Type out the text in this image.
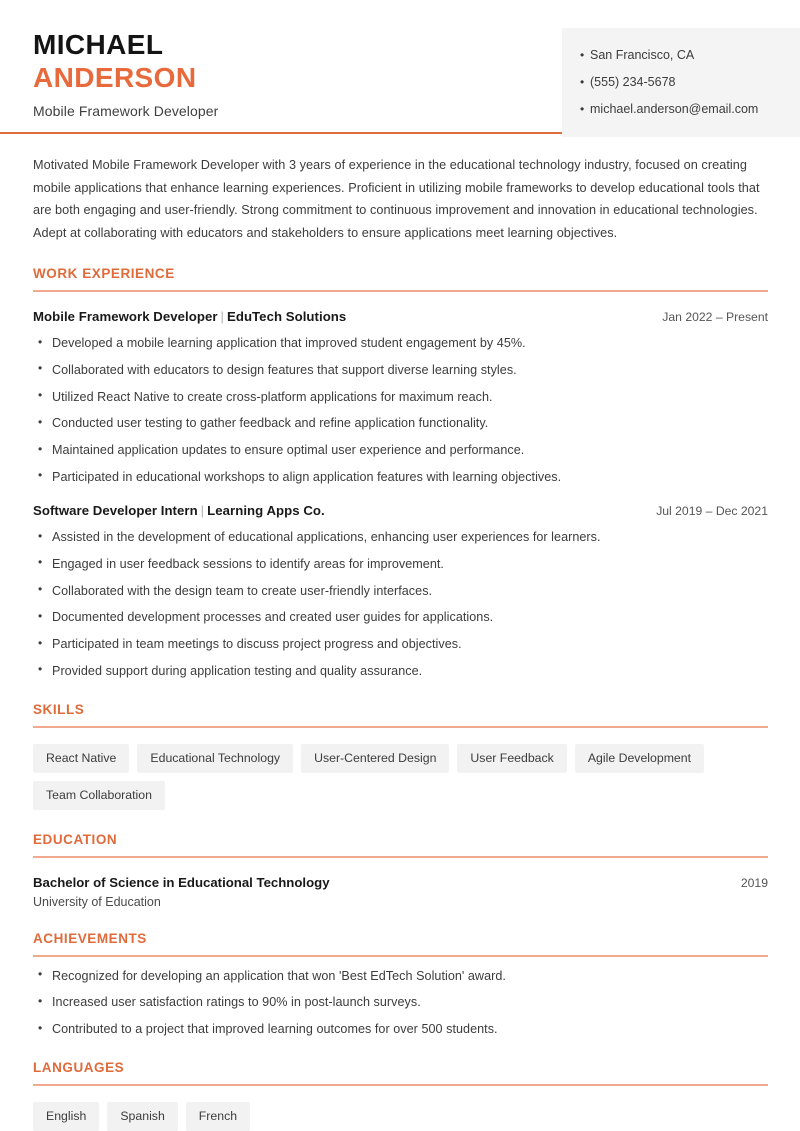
MICHAEL
ANDERSON
Mobile Framework Developer
• San Francisco, CA
• (555) 234-5678
• michael.anderson@email.com
Motivated Mobile Framework Developer with 3 years of experience in the educational technology industry, focused on creating mobile applications that enhance learning experiences. Proficient in utilizing mobile frameworks to develop educational tools that are both engaging and user-friendly. Strong commitment to continuous improvement and innovation in educational technologies. Adept at collaborating with educators and stakeholders to ensure applications meet learning objectives.
WORK EXPERIENCE
Mobile Framework Developer | EduTech Solutions	Jan 2022 – Present
• Developed a mobile learning application that improved student engagement by 45%.
• Collaborated with educators to design features that support diverse learning styles.
• Utilized React Native to create cross-platform applications for maximum reach.
• Conducted user testing to gather feedback and refine application functionality.
• Maintained application updates to ensure optimal user experience and performance.
• Participated in educational workshops to align application features with learning objectives.
Software Developer Intern | Learning Apps Co.	Jul 2019 – Dec 2021
• Assisted in the development of educational applications, enhancing user experiences for learners.
• Engaged in user feedback sessions to identify areas for improvement.
• Collaborated with the design team to create user-friendly interfaces.
• Documented development processes and created user guides for applications.
• Participated in team meetings to discuss project progress and objectives.
• Provided support during application testing and quality assurance.
SKILLS
React Native	Educational Technology	User-Centered Design	User Feedback	Agile Development
Team Collaboration
EDUCATION
Bachelor of Science in Educational Technology	2019
University of Education
ACHIEVEMENTS
• Recognized for developing an application that won 'Best EdTech Solution' award.
• Increased user satisfaction ratings to 90% in post-launch surveys.
• Contributed to a project that improved learning outcomes for over 500 students.
LANGUAGES
English	Spanish	French
